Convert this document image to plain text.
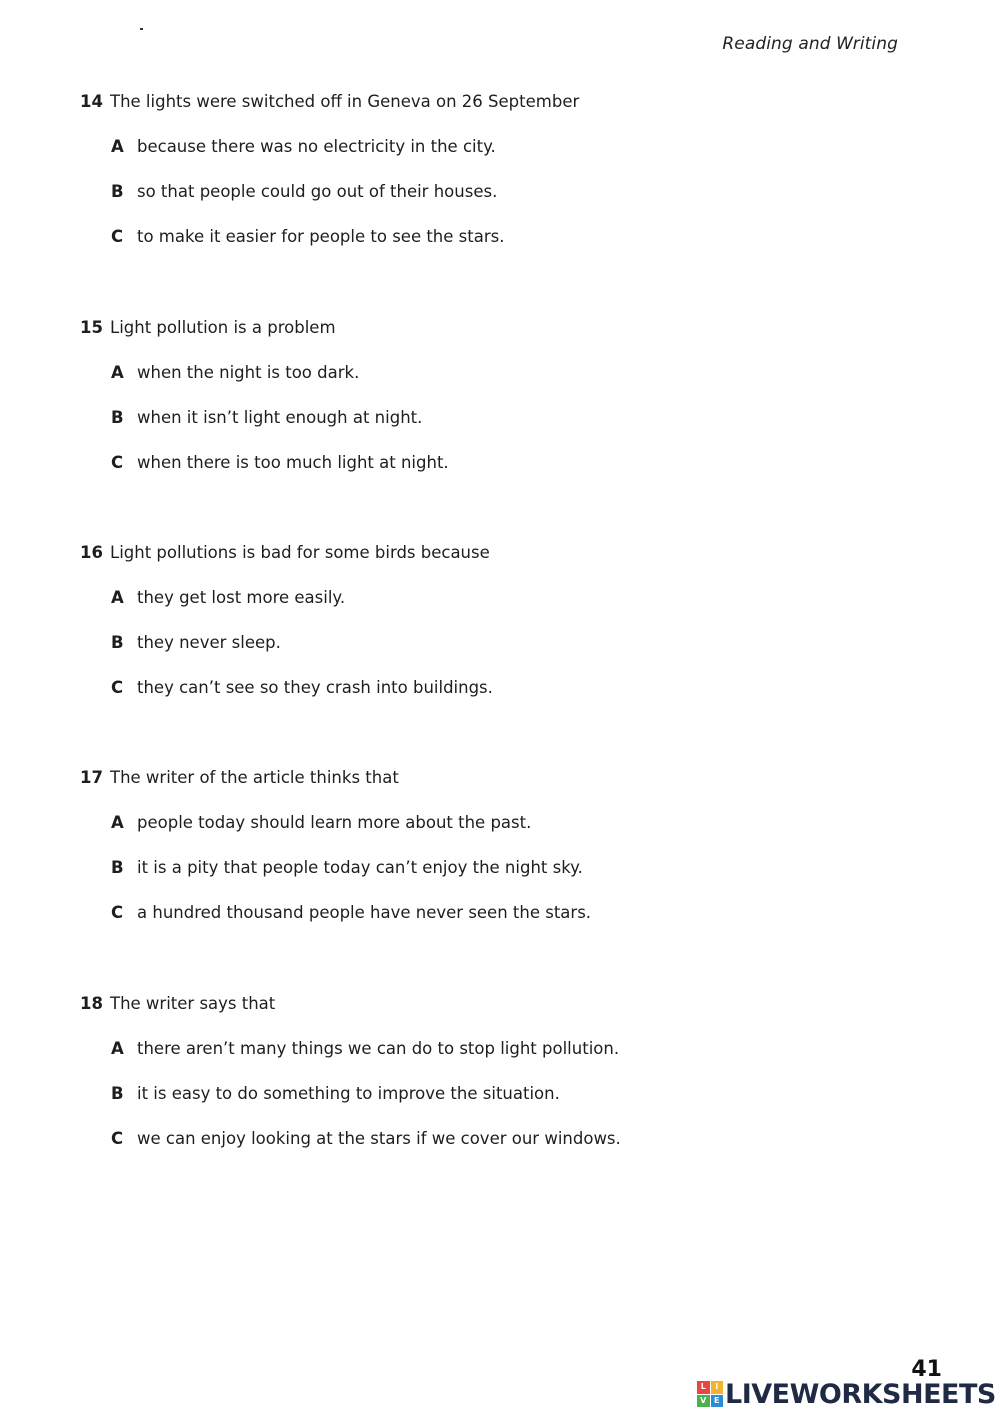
Reading and Writing
14 The lights were switched off in Geneva on 26 September
A because there was no electricity in the city.
B so that people could go out of their houses.
C to make it easier for people to see the stars.
15 Light pollution is a problem
A when the night is too dark.
B when it isn’t light enough at night.
C when there is too much light at night.
16 Light pollutions is bad for some birds because
A they get lost more easily.
B they never sleep.
C they can’t see so they crash into buildings.
17 The writer of the article thinks that
A people today should learn more about the past.
B it is a pity that people today can’t enjoy the night sky.
C a hundred thousand people have never seen the stars.
18 The writer says that
A there aren’t many things we can do to stop light pollution.
B it is easy to do something to improve the situation.
C we can enjoy looking at the stars if we cover our windows.
41
L	I
V E LIVEWORKSHEETS
